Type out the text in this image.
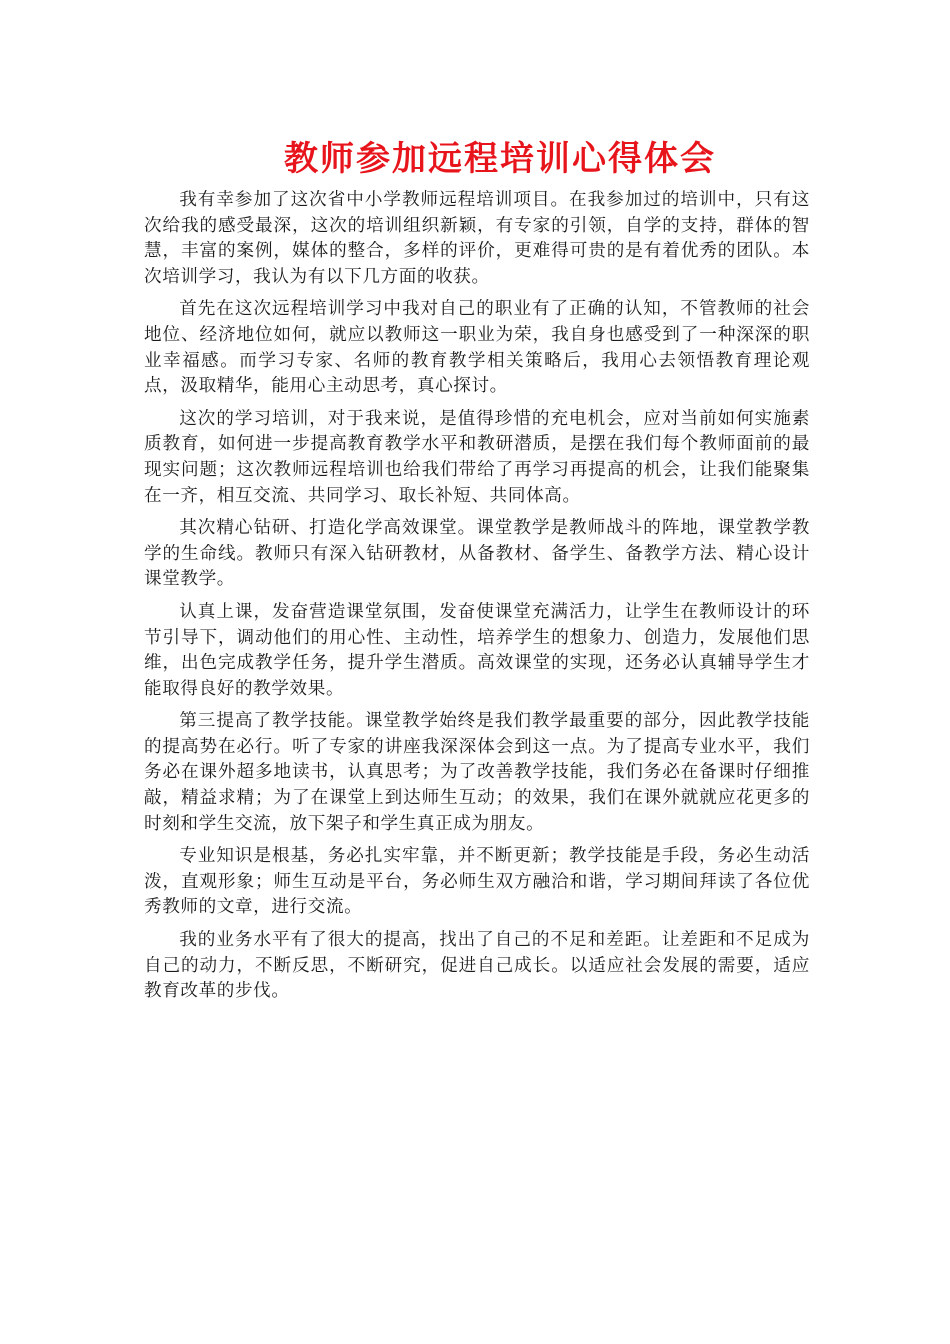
教师参加远程培训心得体会

我有幸参加了这次省中小学教师远程培训项目。在我参加过的培训中，只有这次给我的感受最深，这次的培训组织新颖，有专家的引领，自学的支持，群体的智慧，丰富的案例，媒体的整合，多样的评价，更难得可贵的是有着优秀的团队。本次培训学习，我认为有以下几方面的收获。

首先在这次远程培训学习中我对自己的职业有了正确的认知，不管教师的社会地位、经济地位如何，就应以教师这一职业为荣，我自身也感受到了一种深深的职业幸福感。而学习专家、名师的教育教学相关策略后，我用心去领悟教育理论观点，汲取精华，能用心主动思考，真心探讨。

这次的学习培训，对于我来说，是值得珍惜的充电机会，应对当前如何实施素质教育，如何进一步提高教育教学水平和教研潜质，是摆在我们每个教师面前的最现实问题；这次教师远程培训也给我们带给了再学习再提高的机会，让我们能聚集在一齐，相互交流、共同学习、取长补短、共同体高。

其次精心钻研、打造化学高效课堂。课堂教学是教师战斗的阵地，课堂教学教学的生命线。教师只有深入钻研教材，从备教材、备学生、备教学方法、精心设计课堂教学。

认真上课，发奋营造课堂氛围，发奋使课堂充满活力，让学生在教师设计的环节引导下，调动他们的用心性、主动性，培养学生的想象力、创造力，发展他们思维，出色完成教学任务，提升学生潜质。高效课堂的实现，还务必认真辅导学生才能取得良好的教学效果。

第三提高了教学技能。课堂教学始终是我们教学最重要的部分，因此教学技能的提高势在必行。听了专家的讲座我深深体会到这一点。为了提高专业水平，我们务必在课外超多地读书，认真思考；为了改善教学技能，我们务必在备课时仔细推敲，精益求精；为了在课堂上到达师生互动；的效果，我们在课外就就应花更多的时刻和学生交流，放下架子和学生真正成为朋友。

专业知识是根基，务必扎实牢靠，并不断更新；教学技能是手段，务必生动活泼，直观形象；师生互动是平台，务必师生双方融洽和谐，学习期间拜读了各位优秀教师的文章，进行交流。

我的业务水平有了很大的提高，找出了自己的不足和差距。让差距和不足成为自己的动力，不断反思，不断研究，促进自己成长。以适应社会发展的需要，适应教育改革的步伐。
